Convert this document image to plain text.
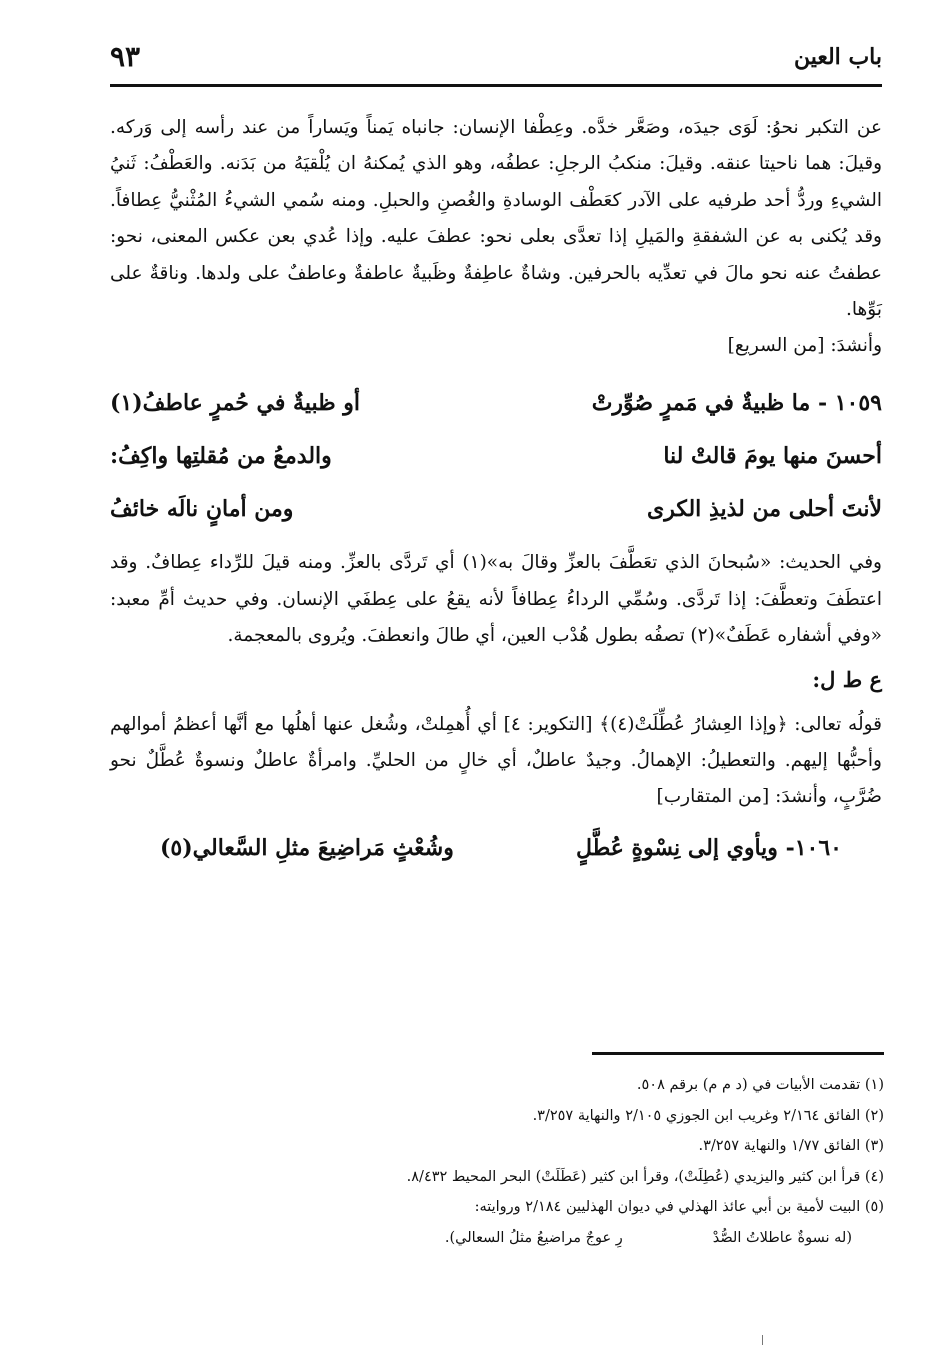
باب العين
٩٣

عن التكبر نحوُ: لَوَى جيدَه، وصَعَّر خدَّه. وعِطْفا الإنسان: جانباه يَمناً ويَساراً من عند رأسه إلى وَركه. وقيلَ: هما ناحيتا عنقه. وقيلَ: منكبُ الرجلِ: عطفُه، وهو الذي يُمكنهُ ان يُلْقيَهُ من بَدَنه. والعَطْفُ: ثَنيُ الشيءِ وردُّ أحد طرفيه على الآدر كعَطْف الوسادةِ والغُصنِ والحبلِ. ومنه سُمي الشيءُ المُثْنيُّ عِطافاً. وقد يُكنى به عن الشفقةِ والمَيلِ إذا تعدَّى بعلى نحو: عطفَ عليه. وإذا عُدي بعن عكس المعنى، نحو: عطفتُ عنه نحو مالَ في تعدِّيه بالحرفين. وشاةٌ عاطِفةٌ وظَبيةٌ عاطفةٌ وعاطفٌ على ولدها. وناقةٌ على بَوِّها.

وأنشدَ: [من السريع]

١٠٥٩ - ما ظبيةٌ في مَمرٍ صُوِّرتْ
أو ظبيةٌ في حُمرٍ عاطفُ(١)
أحسنَ منها يومَ قالتْ لنا
والدمعُ من مُقلتِها واكِفُ:
لأنتَ أحلى من لذيذِ الكرى
ومن أمانٍ نالَه خائفُ

وفي الحديث: «سُبحانَ الذي تعَطَّفَ بالعزِّ وقالَ به»(١) أي تَردَّى بالعزِّ. ومنه قيلَ للرِّداء عِطافٌ. وقد اعتطَفَ وتعطَّفَ: إذا تَردَّى. وسُمِّي الرداءُ عِطافاً لأنه يقعُ على عِطفَي الإنسان. وفي حديث أمِّ معبد: «وفي أشفاره عَطَفٌ»(٢) تصفُه بطول هُدْب العين، أي طالَ وانعطفَ. ويُروى بالمعجمة.

ع ط ل:

قولُه تعالى: ﴿وإذا العِشارُ عُطِّلَتْ(٤)﴾ [التكوير: ٤] أي أُهمِلتْ، وشُغل عنها أهلُها مع أنَّها أعظمُ أموالهم وأحبُّها إليهم. والتعطيلُ: الإهمالُ. وجيدٌ عاطلٌ، أي خالٍ من الحليِّ. وامرأةٌ عاطلٌ ونسوةٌ عُطَّلٌ نحو ضُرَّبٍ، وأنشدَ: [من المتقارب]

١٠٦٠- ويأوي إلى نِسْوةٍ عُطَّلٍ
وشُعْثٍ مَراضِيعَ مثلِ السَّعالي(٥)
(١) تقدمت الأبيات في (د م م) برقم ٥٠٨.
(٢) الفائق ٢/١٦٤ وغريب ابن الجوزي ٢/١٠٥ والنهاية ٣/٢٥٧.
(٣) الفائق ١/٧٧ والنهاية ٣/٢٥٧.
(٤) قرأ ابن كثير واليزيدي (عُطِلَتْ)، وقرأ ابن كثير (عَطَلَتْ) البحر المحيط ٨/٤٣٢.
(٥) البيت لأمية بن أبي عائذ الهذلي في ديوان الهذليين ٢/١٨٤ وروايته:
(له نسوةٌ عاطلاتُ الصُّدْ
رِ عوجٌ مراضيعُ مثلُ السعالي).
